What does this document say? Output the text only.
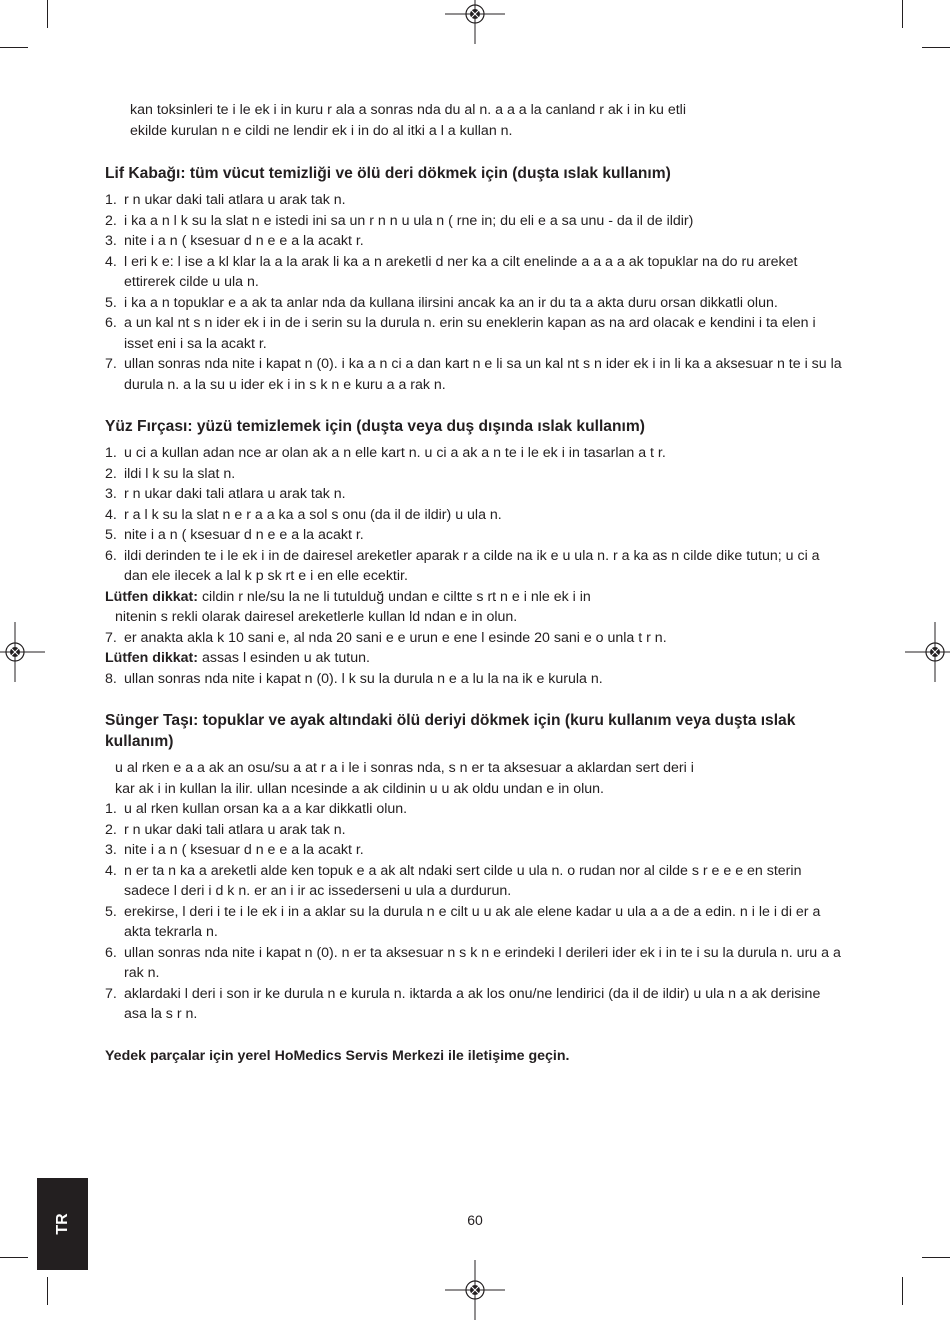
kan toksinleri te i le ek i in kuru r ala a sonras nda du al n. a a a la canland r ak i in ku etli

ekilde kurulan n e cildi ne lendir ek i in do al itki a l a kullan n.

Lif Kabağı: tüm vücut temizliği ve ölü deri dökmek için (duşta ıslak kullanım)
1. r n ukar daki tali atlara u arak tak n.
2. i ka a n l k su la slat n e istedi ini sa un r n n u ula n ( rne in; du eli e a sa unu - da il de ildir)
3. nite i a n ( ksesuar d n e e a la acakt r.
4. l eri k e: l ise a kl klar la a la arak li ka a n areketli d ner ka a cilt enelinde a a a a ak topuklar na do ru areket ettirerek cilde u ula n.
5. i ka a n topuklar e a ak ta anlar nda da kullana ilirsini ancak ka an ir du ta a akta duru orsan dikkatli olun.
6. a un kal nt s n ider ek i in de i serin su la durula n. erin su eneklerin kapan as na ard olacak e kendini i ta elen i isset eni i sa la acakt r.
7. ullan sonras nda nite i kapat n (0). i ka a n ci a dan kart n e li sa un kal nt s n ider ek i in li ka a aksesuar n te i su la durula n. a la su u ider ek i in s k n e kuru a a rak n.
Yüz Fırçası: yüzü temizlemek için (duşta veya duş dışında ıslak kullanım)
1. u ci a kullan adan nce ar olan ak a n elle kart n. u ci a ak a n te i le ek i in tasarlan a t r.
2. ildi l k su la slat n.
3. r n ukar daki tali atlara u arak tak n.
4. r a l k su la slat n e r a a ka a sol s onu (da il de ildir) u ula n.
5. nite i a n ( ksesuar d n e e a la acakt r.
6. ildi derinden te i le ek i in de dairesel areketler aparak r a cilde na ik e u ula n. r a ka as n cilde dike tutun; u ci a dan ele ilecek a lal k p sk rt e i en elle ecektir.
Lütfen dikkat: cildin r nle/su la ne li tutulduğ undan e ciltte s rt n e i nle ek i in
nitenin s rekli olarak dairesel areketlerle kullan ld ndan e in olun.
7. er anakta akla k 10 sani e, al nda 20 sani e e urun e ene l esinde 20 sani e o unla t r n.
Lütfen dikkat: assas l esinden u ak tutun.
8. ullan sonras nda nite i kapat n (0). l k su la durula n e a lu la na ik e kurula n.
Sünger Taşı: topuklar ve ayak altındaki ölü deriyi dökmek için (kuru kullanım veya duşta ıslak kullanım)
u al rken e a a ak an osu/su a at r a i le i sonras nda, s n er ta aksesuar a aklardan sert deri i
kar ak i in kullan la ilir. ullan ncesinde a ak cildinin u u ak oldu undan e in olun.
1. u al rken kullan orsan ka a a kar dikkatli olun.
2. r n ukar daki tali atlara u arak tak n.
3. nite i a n ( ksesuar d n e e a la acakt r.
4. n er ta n ka a areketli alde ken topuk e a ak alt ndaki sert cilde u ula n. o rudan nor al cilde s r e e e en sterin sadece l deri i d k n. er an i ir ac issederseni u ula a durdurun.
5. erekirse, l deri i te i le ek i in a aklar su la durula n e cilt u u ak ale elene kadar u ula a a de a edin. n i le i di er a akta tekrarla n.
6. ullan sonras nda nite i kapat n (0). n er ta aksesuar n s k n e erindeki l derileri ider ek i in te i su la durula n. uru a a rak n.
7. aklardaki l deri i son ir ke durula n e kurula n. iktarda a ak los onu/ne lendirici (da il de ildir) u ula n a ak derisine asa la s r n.
Yedek parçalar için yerel HoMedics Servis Merkezi ile iletişime geçin.
TR	60
